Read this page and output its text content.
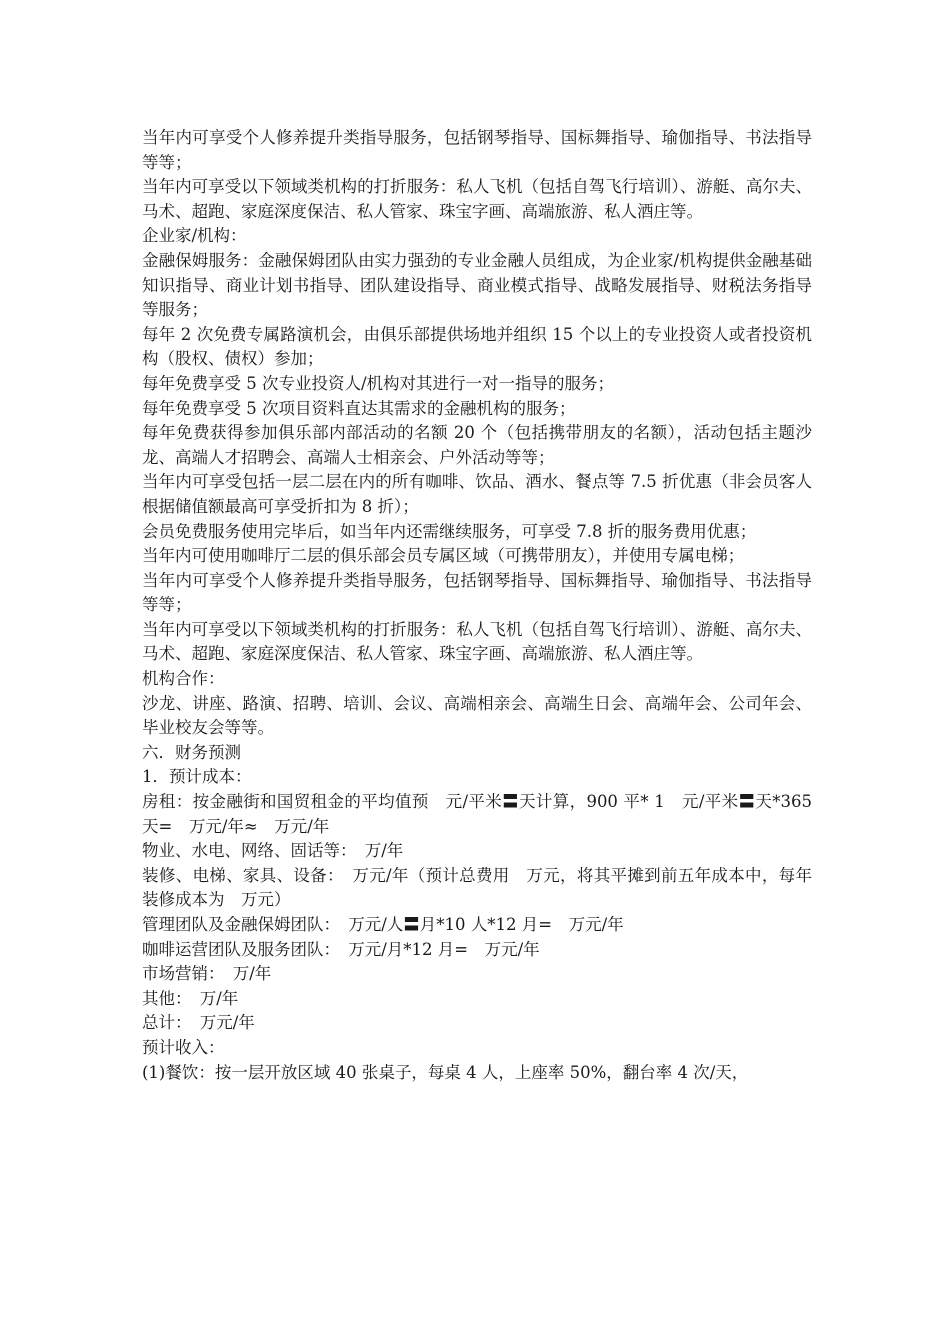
当年内可享受个人修养提升类指导服务，包括钢琴指导、国标舞指导、瑜伽指导、书法指导等等；

当年内可享受以下领域类机构的打折服务：私人飞机（包括自驾飞行培训）、游艇、高尔夫、马术、超跑、家庭深度保洁、私人管家、珠宝字画、高端旅游、私人酒庄等。

企业家/机构：

金融保姆服务：金融保姆团队由实力强劲的专业金融人员组成，为企业家/机构提供金融基础知识指导、商业计划书指导、团队建设指导、商业模式指导、战略发展指导、财税法务指导等服务；

每年 2 次免费专属路演机会，由俱乐部提供场地并组织 15 个以上的专业投资人或者投资机构（股权、债权）参加；

每年免费享受 5 次专业投资人/机构对其进行一对一指导的服务；

每年免费享受 5 次项目资料直达其需求的金融机构的服务；

每年免费获得参加俱乐部内部活动的名额 20 个（包括携带朋友的名额），活动包括主题沙龙、高端人才招聘会、高端人士相亲会、户外活动等等；

当年内可享受包括一层二层在内的所有咖啡、饮品、酒水、餐点等 7.5 折优惠（非会员客人根据储值额最高可享受折扣为 8 折）；

会员免费服务使用完毕后，如当年内还需继续服务，可享受 7.8 折的服务费用优惠；

当年内可使用咖啡厅二层的俱乐部会员专属区域（可携带朋友），并使用专属电梯；

当年内可享受个人修养提升类指导服务，包括钢琴指导、国标舞指导、瑜伽指导、书法指导等等；

当年内可享受以下领域类机构的打折服务：私人飞机（包括自驾飞行培训）、游艇、高尔夫、马术、超跑、家庭深度保洁、私人管家、珠宝字画、高端旅游、私人酒庄等。

机构合作：

沙龙、讲座、路演、招聘、培训、会议、高端相亲会、高端生日会、高端年会、公司年会、毕业校友会等等。

六．财务预测

1．预计成本：

房租：按金融街和国贸租金的平均值预　元/平米〓天计算，900 平* 1　元/平米〓天*365 天=　万元/年≈　万元/年

物业、水电、网络、固话等：　万/年

装修、电梯、家具、设备：　万元/年（预计总费用　万元，将其平摊到前五年成本中，每年装修成本为　万元）

管理团队及金融保姆团队：　万元/人〓月*10 人*12 月=　万元/年

咖啡运营团队及服务团队：　万元/月*12 月=　万元/年

市场营销：　万/年

其他：　万/年

总计：　万元/年

预计收入：

(1)餐饮：按一层开放区域 40 张桌子，每桌 4 人，上座率 50%，翻台率 4 次/天，
